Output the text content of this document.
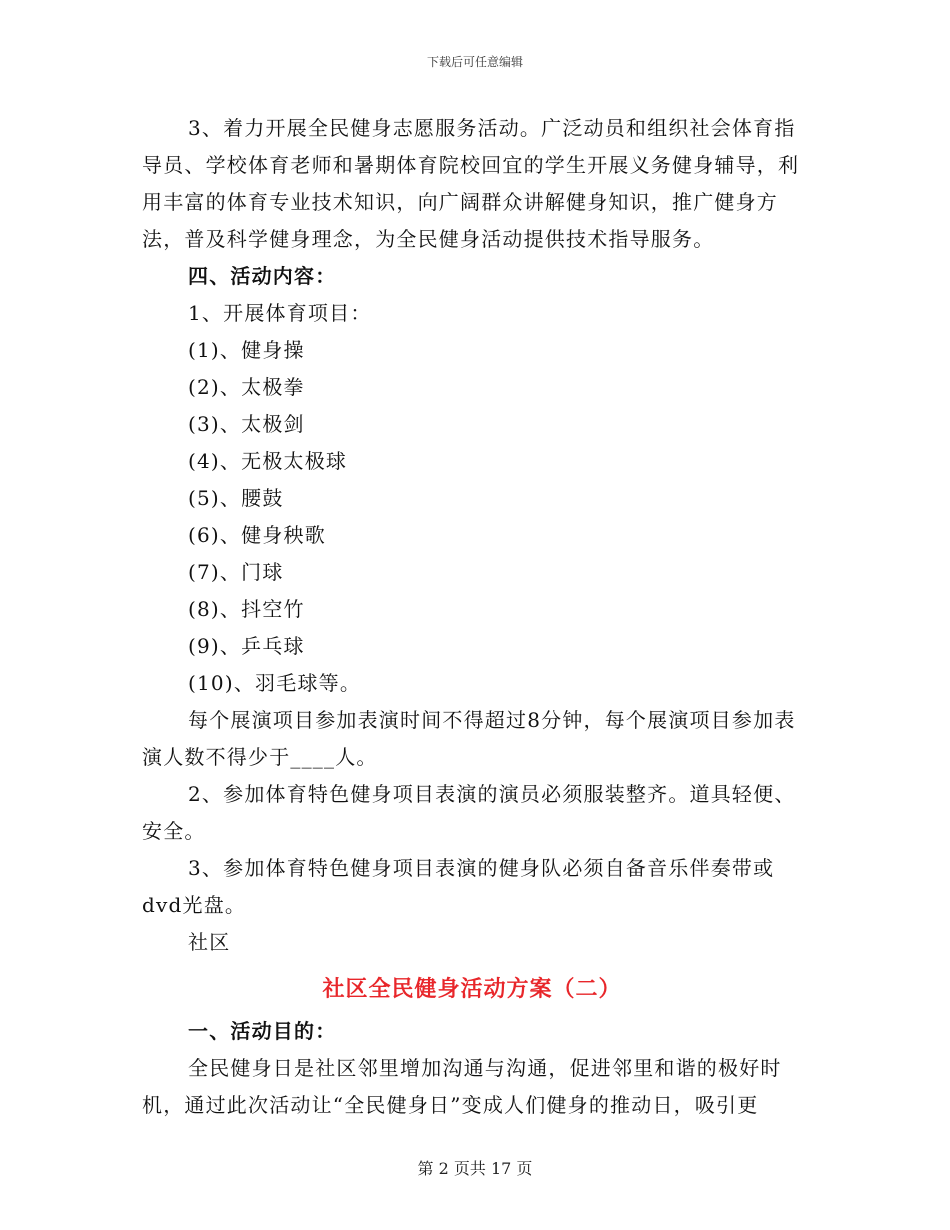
下载后可任意编辑

3、着力开展全民健身志愿服务活动。广泛动员和组织社会体育指导员、学校体育老师和暑期体育院校回宜的学生开展义务健身辅导，利用丰富的体育专业技术知识，向广阔群众讲解健身知识，推广健身方法，普及科学健身理念，为全民健身活动提供技术指导服务。

四、活动内容：

1、开展体育项目：

(1)、健身操

(2)、太极拳

(3)、太极剑

(4)、无极太极球

(5)、腰鼓

(6)、健身秧歌

(7)、门球

(8)、抖空竹

(9)、乒乓球

(10)、羽毛球等。

每个展演项目参加表演时间不得超过8分钟，每个展演项目参加表演人数不得少于____人。

2、参加体育特色健身项目表演的演员必须服装整齐。道具轻便、安全。

3、参加体育特色健身项目表演的健身队必须自备音乐伴奏带或dvd光盘。

社区

社区全民健身活动方案（二）

一、活动目的：

全民健身日是社区邻里增加沟通与沟通，促进邻里和谐的极好时机，通过此次活动让“全民健身日”变成人们健身的推动日，吸引更

第 2 页共 17 页
